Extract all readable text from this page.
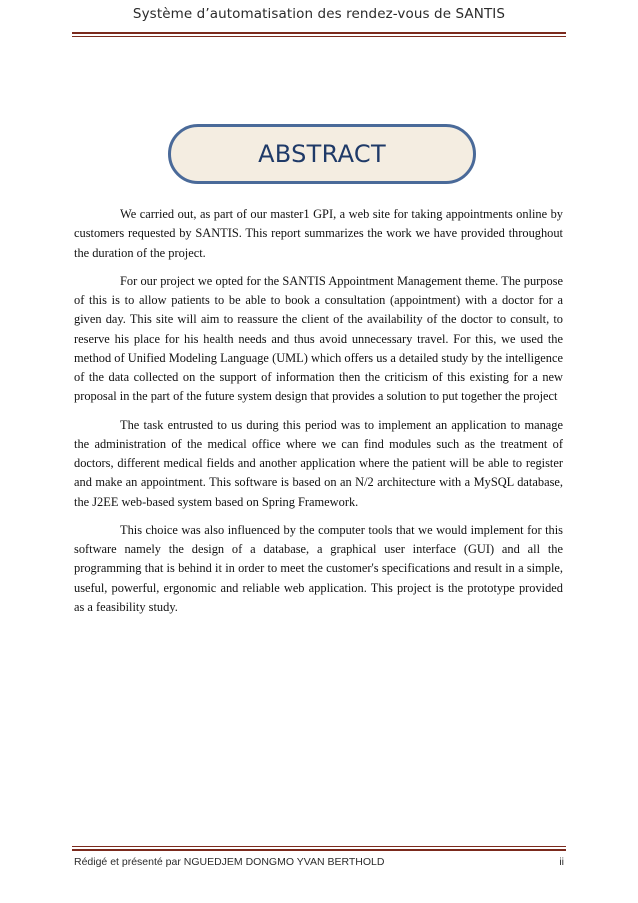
Système d’automatisation des rendez-vous de SANTIS
ABSTRACT

We carried out, as part of our master1 GPI, a web site for taking appointments online by customers requested by SANTIS. This report summarizes the work we have provided throughout the duration of the project.

For our project we opted for the SANTIS Appointment Management theme. The purpose of this is to allow patients to be able to book a consultation (appointment) with a doctor for a given day. This site will aim to reassure the client of the availability of the doctor to consult, to reserve his place for his health needs and thus avoid unnecessary travel. For this, we used the method of Unified Modeling Language (UML) which offers us a detailed study by the intelligence of the data collected on the support of information then the criticism of this existing for a new proposal in the part of the future system design that provides a solution to put together the project

The task entrusted to us during this period was to implement an application to manage the administration of the medical office where we can find modules such as the treatment of doctors, different medical fields and another application where the patient will be able to register and make an appointment. This software is based on an N/2 architecture with a MySQL database, the J2EE web-based system based on Spring Framework.

This choice was also influenced by the computer tools that we would implement for this software namely the design of a database, a graphical user interface (GUI) and all the programming that is behind it in order to meet the customer's specifications and result in a simple, useful, powerful, ergonomic and reliable web application. This project is the prototype provided as a feasibility study.

Rédigé et présenté par NGUEDJEM DONGMO YVAN BERTHOLD	ii
